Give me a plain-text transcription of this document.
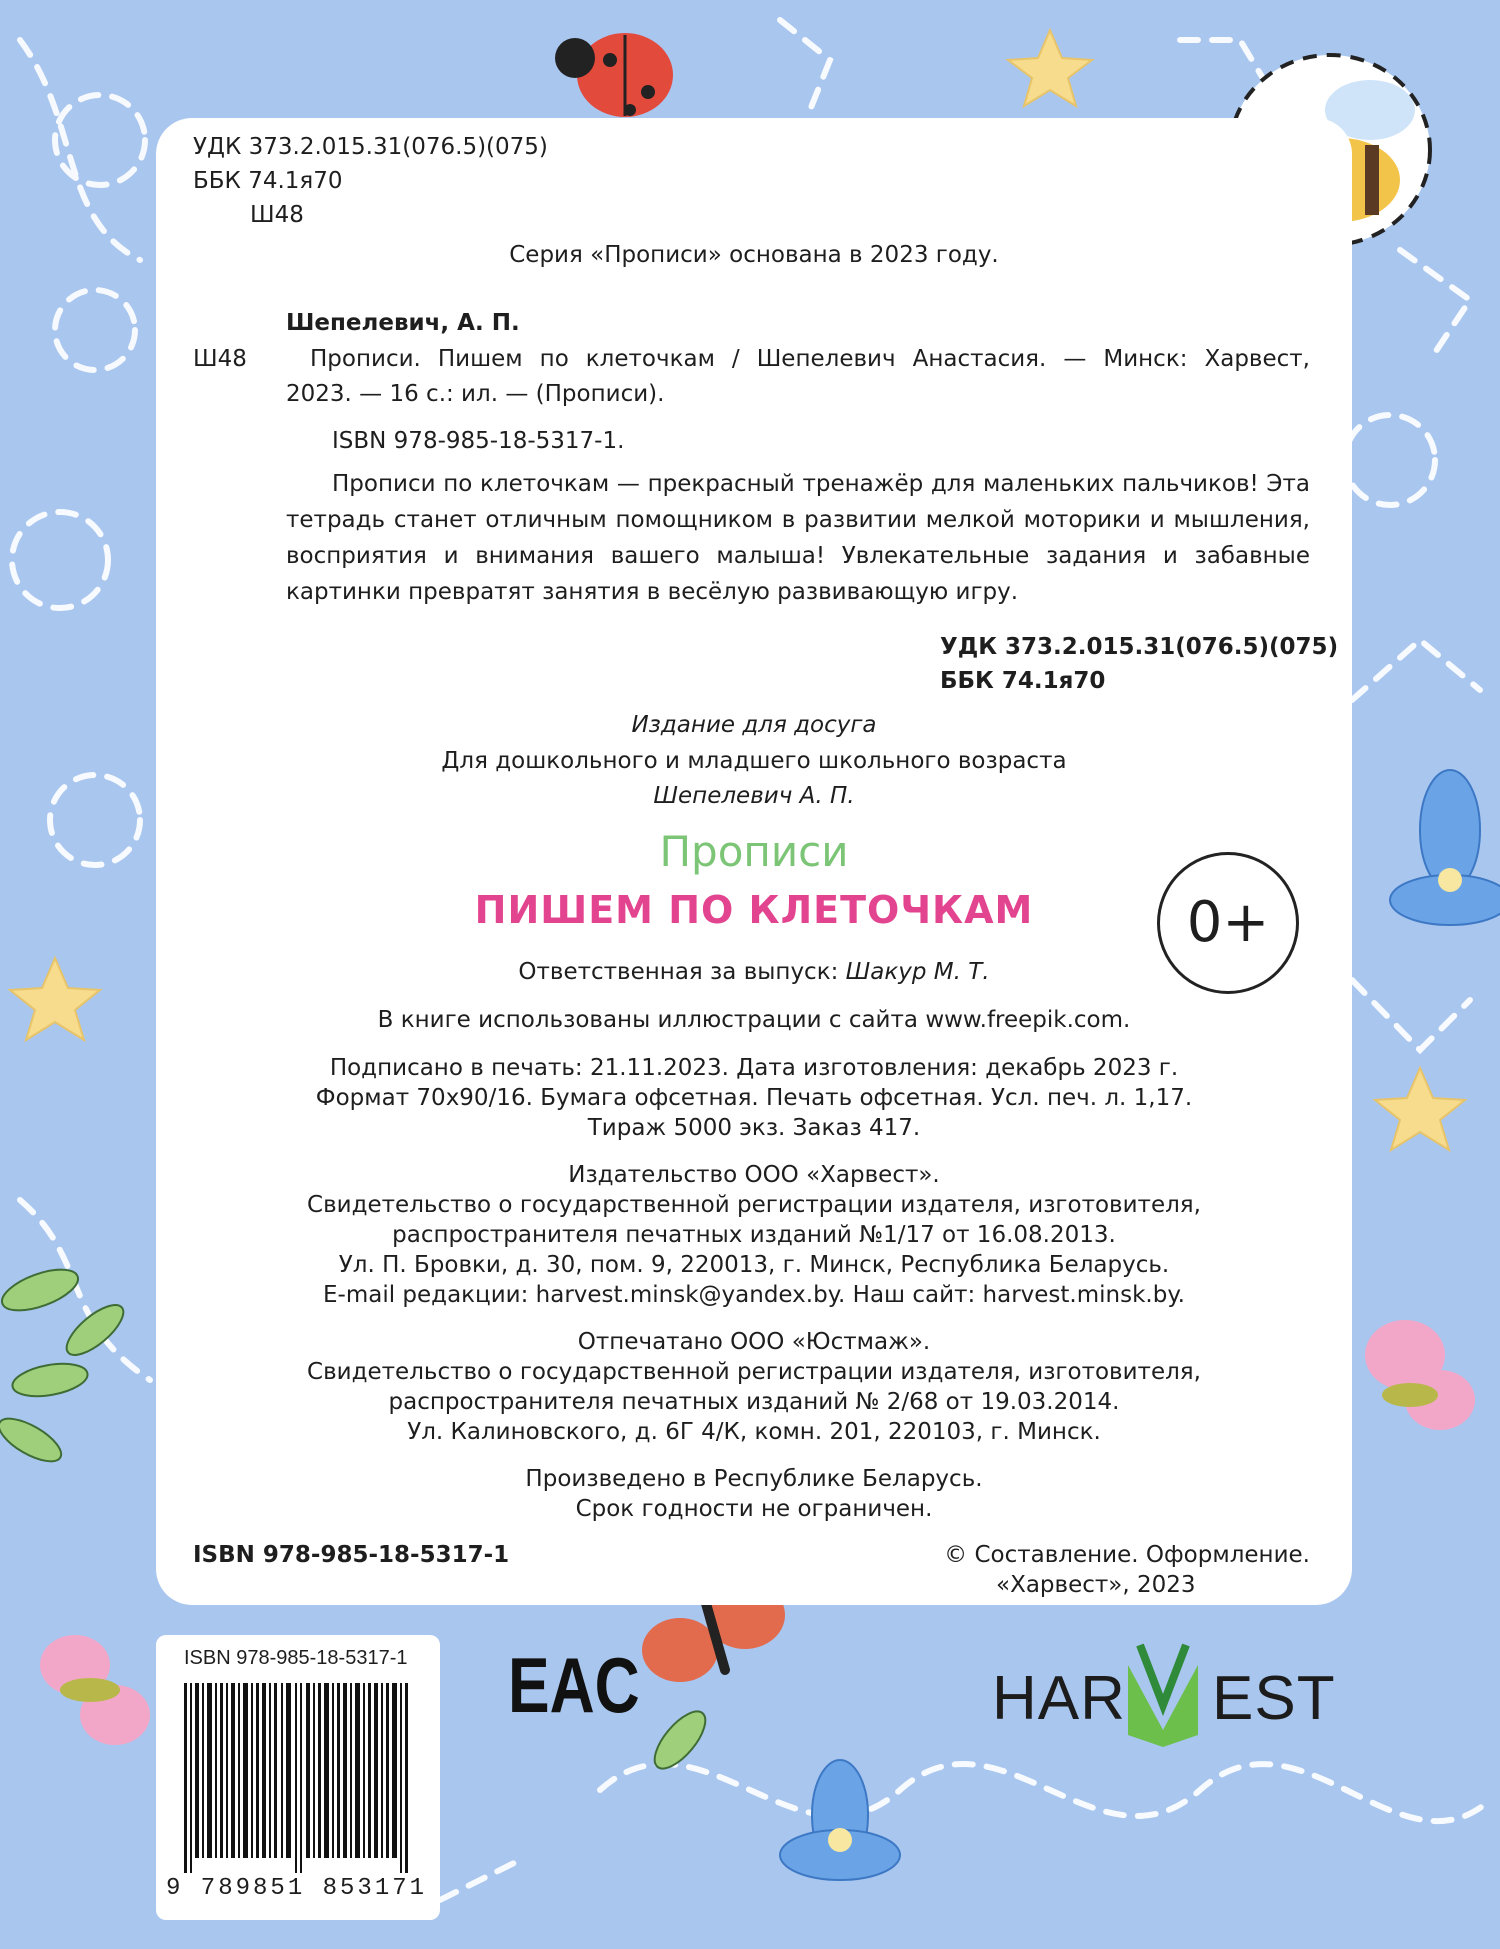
УДК 373.2.015.31(076.5)(075)
ББК 74.1я70
Ш48
Серия «Прописи» основана в 2023 году.
Шепелевич, А. П.
Ш48	Прописи. Пишем по клеточкам / Шепелевич Анастасия. — Минск: Харвест,
2023. — 16 с.: ил. — (Прописи).
ISBN 978-985-18-5317-1.
Прописи по клеточкам — прекрасный тренажёр для маленьких пальчиков! Эта тетрадь станет отличным помощником в развитии мелкой моторики и мышления, восприятия и внимания вашего малыша! Увлекательные задания и забавные картинки превратят занятия в весёлую развивающую игру.
УДК 373.2.015.31(076.5)(075)
ББК 74.1я70
Издание для досуга
Для дошкольного и младшего школьного возраста
Шепелевич А. П.
Прописи
ПИШЕМ ПО КЛЕТОЧКАМ	0+
Ответственная за выпуск: Шакур М. Т.
В книге использованы иллюстрации с сайта www.freepik.com.
Подписано в печать: 21.11.2023. Дата изготовления: декабрь 2023 г.
Формат 70х90/16. Бумага офсетная. Печать офсетная. Усл. печ. л. 1,17.
Тираж 5000 экз. Заказ 417.
Издательство ООО «Харвест».
Свидетельство о государственной регистрации издателя, изготовителя,
распространителя печатных изданий №1/17 от 16.08.2013.
Ул. П. Бровки, д. 30, пом. 9, 220013, г. Минск, Республика Беларусь.
E-mail редакции: harvest.minsk@yandex.by. Наш сайт: harvest.minsk.by.
Отпечатано ООО «Юстмаж».
Свидетельство о государственной регистрации издателя, изготовителя,
распространителя печатных изданий № 2/68 от 19.03.2014.
Ул. Калиновского, д. 6Г 4/К, комн. 201, 220103, г. Минск.
Произведено в Республике Беларусь.
Срок годности не ограничен.
ISBN 978-985-18-5317-1	© Составление. Оформление.
«Харвест», 2023
ISBN 978-985-18-5317-1
9 789851 853171
EAC	HAR EST
